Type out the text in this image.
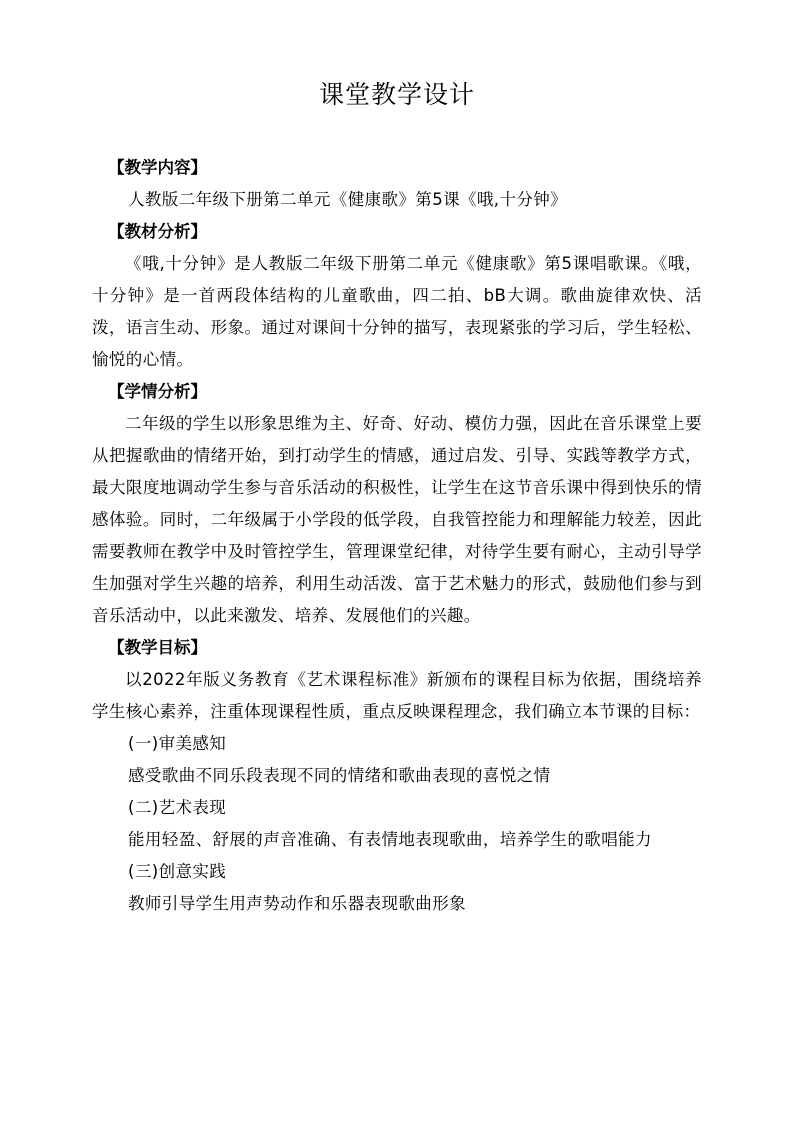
课堂教学设计
【教学内容】
人教版二年级下册第二单元《健康歌》第5课《哦,十分钟》
【教材分析】

《哦,十分钟》是人教版二年级下册第二单元《健康歌》第5课唱歌课。《哦，十分钟》是一首两段体结构的儿童歌曲，四二拍、bB大调。歌曲旋律欢快、活泼，语言生动、形象。通过对课间十分钟的描写，表现紧张的学习后，学生轻松、愉悦的心情。

【学情分析】

二年级的学生以形象思维为主、好奇、好动、模仿力强，因此在音乐课堂上要从把握歌曲的情绪开始，到打动学生的情感，通过启发、引导、实践等教学方式，最大限度地调动学生参与音乐活动的积极性，让学生在这节音乐课中得到快乐的情感体验。同时，二年级属于小学段的低学段，自我管控能力和理解能力较差，因此需要教师在教学中及时管控学生，管理课堂纪律，对待学生要有耐心，主动引导学生加强对学生兴趣的培养，利用生动活泼、富于艺术魅力的形式，鼓励他们参与到音乐活动中，以此来激发、培养、发展他们的兴趣。

【教学目标】

以2022年版义务教育《艺术课程标准》新颁布的课程目标为依据，围绕培养学生核心素养，注重体现课程性质，重点反映课程理念，我们确立本节课的目标：

(一)审美感知
感受歌曲不同乐段表现不同的情绪和歌曲表现的喜悦之情
(二)艺术表现
能用轻盈、舒展的声音准确、有表情地表现歌曲，培养学生的歌唱能力
(三)创意实践
教师引导学生用声势动作和乐器表现歌曲形象
